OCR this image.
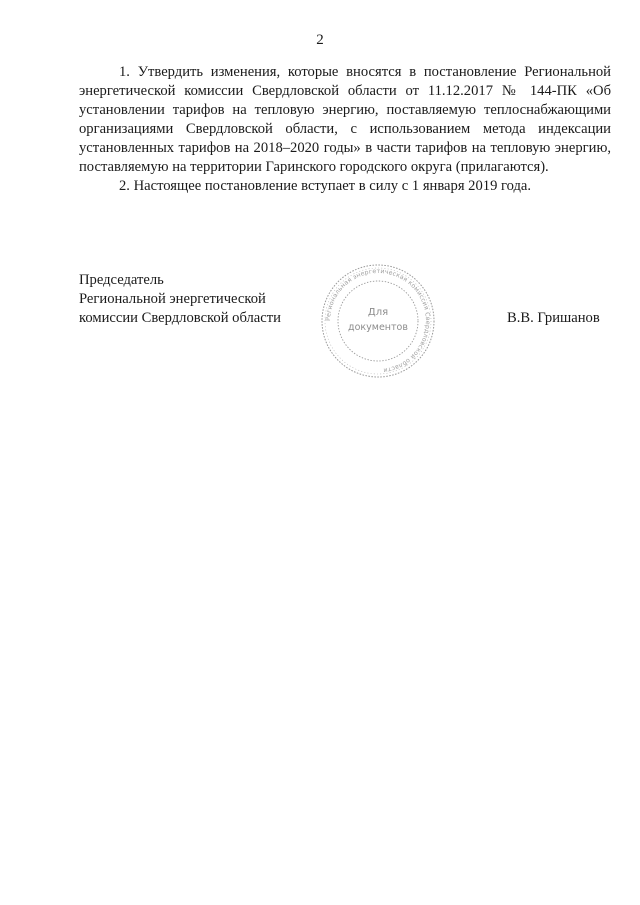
2

1. Утвердить изменения, которые вносятся в постановление Региональной энергетической комиссии Свердловской области от 11.12.2017 № 144-ПК «Об установлении тарифов на тепловую энергию, поставляемую теплоснабжающими организациями Свердловской области, с использованием метода индексации установленных тарифов на 2018–2020 годы» в части тарифов на тепловую энергию, поставляемую на территории Гаринского городского округа (прилагаются).

2. Настоящее постановление вступает в силу с 1 января 2019 года.

Председатель
Региональной энергетической
комиссии Свердловской области	Региональная энергетическая комиссия Свердловской области
Для
документов
В.В. Гришанов
